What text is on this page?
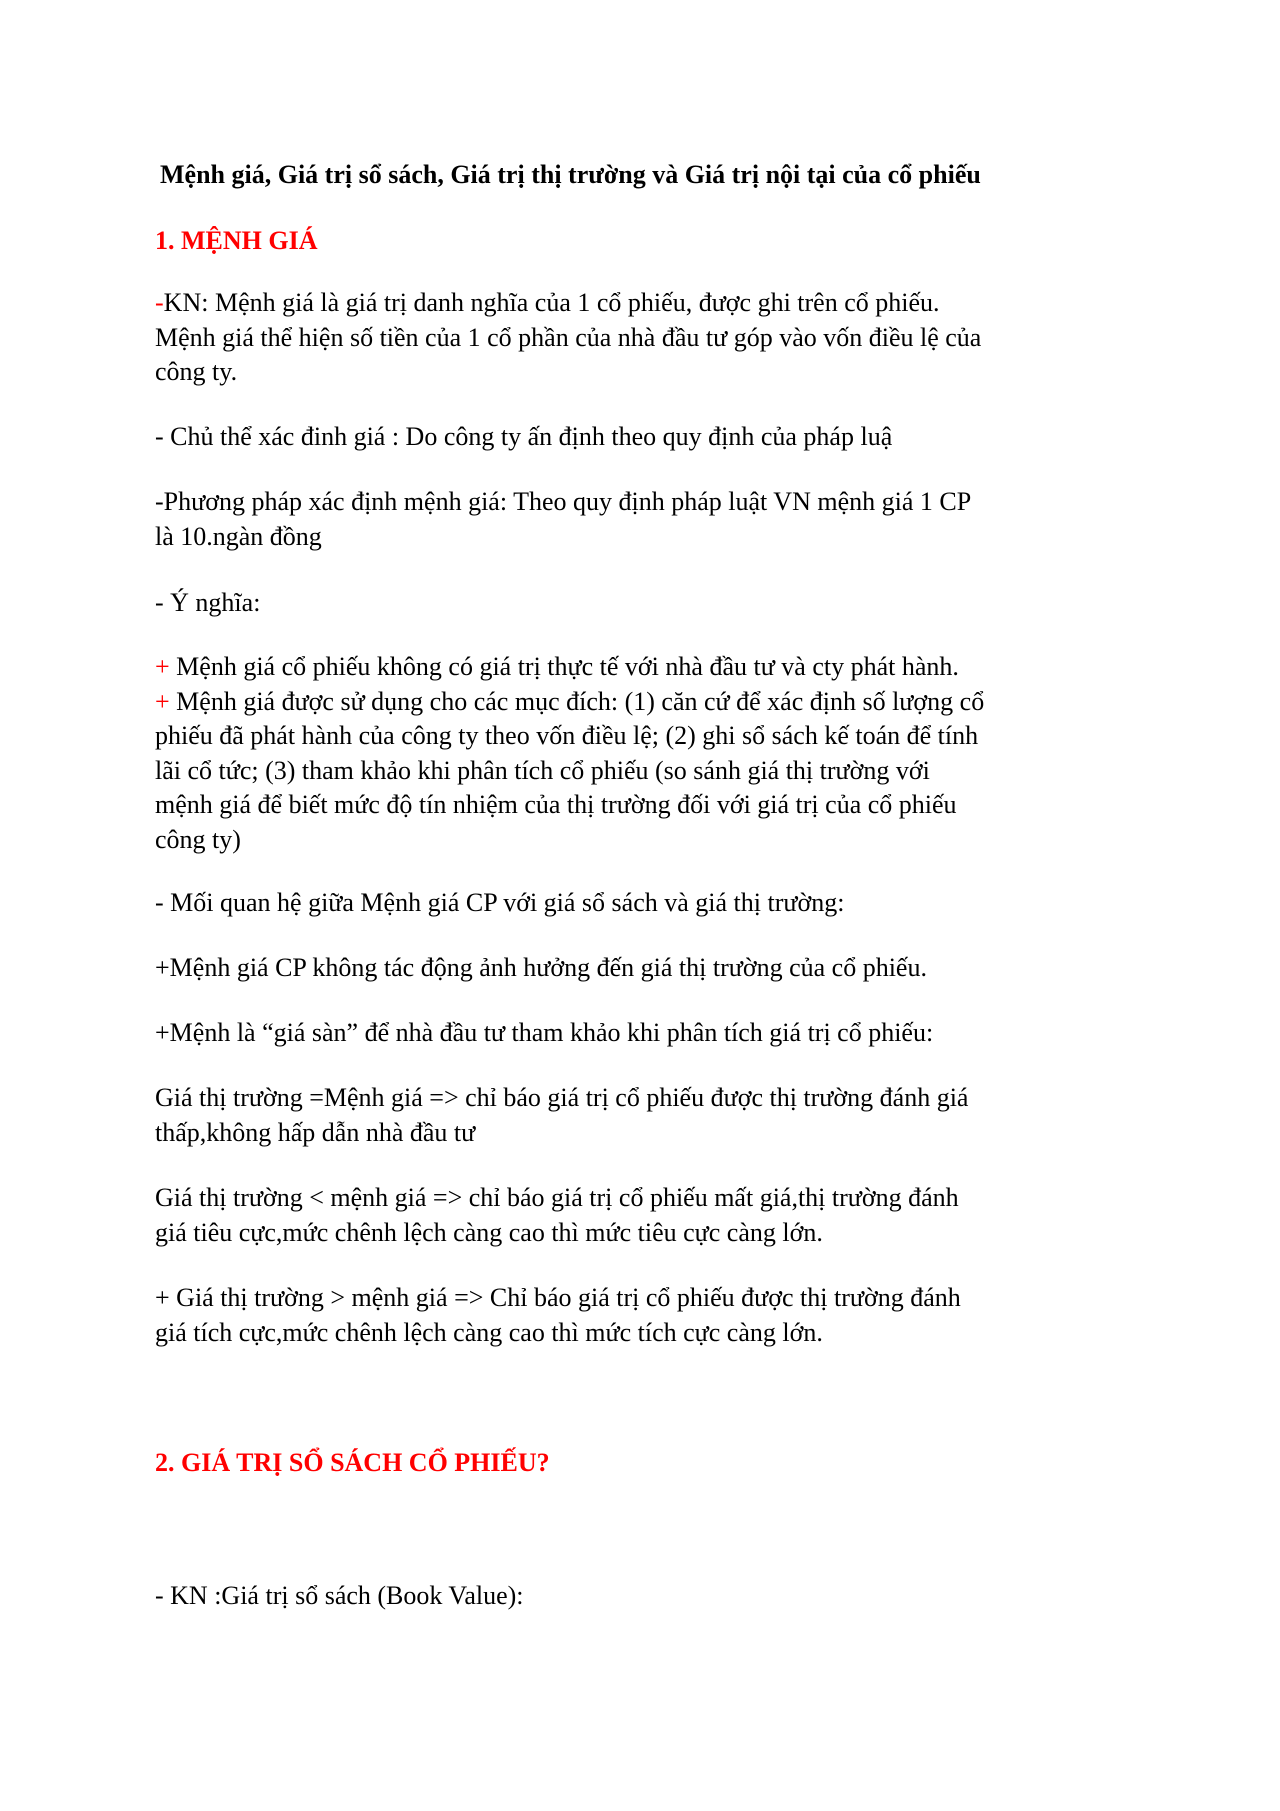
Mệnh giá, Giá trị sổ sách, Giá trị thị trường và Giá trị nội tại của cổ phiếu
1. MỆNH GIÁ
-KN: Mệnh giá là giá trị danh nghĩa của 1 cổ phiếu, được ghi trên cổ phiếu.
Mệnh giá thể hiện số tiền của 1 cổ phần của nhà đầu tư góp vào vốn điều lệ của
công ty.
- Chủ thể xác đinh giá : Do công ty ấn định theo quy định của pháp luậ
-Phương pháp xác định mệnh giá: Theo quy định pháp luật VN mệnh giá 1 CP
là 10.ngàn đồng
- Ý nghĩa:
+ Mệnh giá cổ phiếu không có giá trị thực tế với nhà đầu tư và cty phát hành.
+ Mệnh giá được sử dụng cho các mục đích: (1) căn cứ để xác định số lượng cổ
phiếu đã phát hành của công ty theo vốn điều lệ; (2) ghi sổ sách kế toán để tính
lãi cổ tức; (3) tham khảo khi phân tích cổ phiếu (so sánh giá thị trường với
mệnh giá để biết mức độ tín nhiệm của thị trường đối với giá trị của cổ phiếu
công ty)
- Mối quan hệ giữa Mệnh giá CP với giá sổ sách và giá thị trường:
+Mệnh giá CP không tác động ảnh hưởng đến giá thị trường của cổ phiếu.
+Mệnh là “giá sàn” để nhà đầu tư tham khảo khi phân tích giá trị cổ phiếu:
Giá thị trường =Mệnh giá => chỉ báo giá trị cổ phiếu được thị trường đánh giá
thấp,không hấp dẫn nhà đầu tư
Giá thị trường < mệnh giá => chỉ báo giá trị cổ phiếu mất giá,thị trường đánh
giá tiêu cực,mức chênh lệch càng cao thì mức tiêu cực càng lớn.
+ Giá thị trường > mệnh giá => Chỉ báo giá trị cổ phiếu được thị trường đánh
giá tích cực,mức chênh lệch càng cao thì mức tích cực càng lớn.
2. GIÁ TRỊ SỔ SÁCH CỔ PHIẾU?
- KN :Giá trị sổ sách (Book Value):
